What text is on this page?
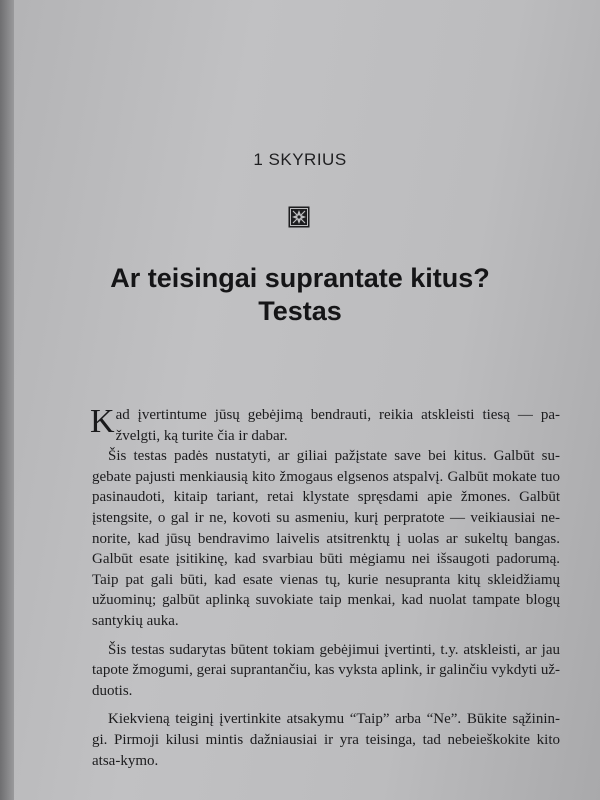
1 SKYRIUS
Ar teisingai suprantate kitus?
Testas

Kad įvertintume jūsų gebėjimą bendrauti, reikia atskleisti tiesą — pa-žvelgti, ką turite čia ir dabar.

Šis testas padės nustatyti, ar giliai pažįstate save bei kitus. Galbūt su-gebate pajusti menkiausią kito žmogaus elgsenos atspalvį. Galbūt mokate tuo pasinaudoti, kitaip tariant, retai klystate spręsdami apie žmones. Galbūt įstengsite, o gal ir ne, kovoti su asmeniu, kurį perpratote — veikiausiai ne-norite, kad jūsų bendravimo laivelis atsitrenktų į uolas ar sukeltų bangas. Galbūt esate įsitikinę, kad svarbiau būti mėgiamu nei išsaugoti padorumą. Taip pat gali būti, kad esate vienas tų, kurie nesupranta kitų skleidžiamų užuominų; galbūt aplinką suvokiate taip menkai, kad nuolat tampate blogų santykių auka.

Šis testas sudarytas būtent tokiam gebėjimui įvertinti, t.y. atskleisti, ar jau tapote žmogumi, gerai suprantančiu, kas vyksta aplink, ir galinčiu vykdyti už-duotis.

Kiekvieną teiginį įvertinkite atsakymu “Taip” arba “Ne”. Būkite sąžinin-gi. Pirmoji kilusi mintis dažniausiai ir yra teisinga, tad nebeieškokite kito atsa-kymo.
